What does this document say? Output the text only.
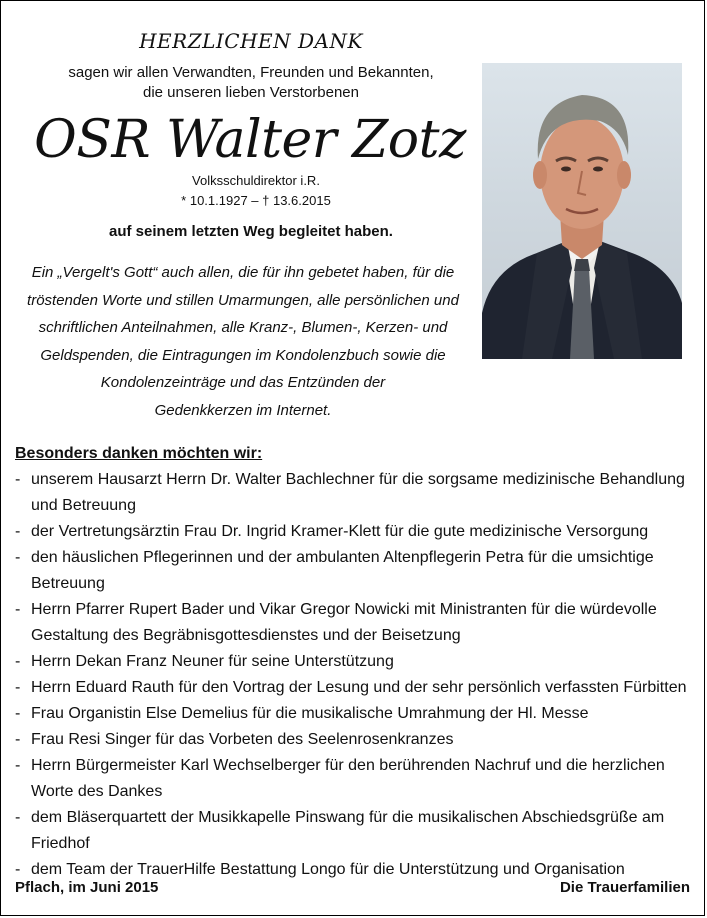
HERZLICHEN DANK
sagen wir allen Verwandten, Freunden und Bekannten,
die unseren lieben Verstorbenen
OSR Walter Zotz
Volksschuldirektor i.R.
* 10.1.1927 – † 13.6.2015
auf seinem letzten Weg begleitet haben.
Ein „Vergelt's Gott“ auch allen, die für ihn gebetet haben, für die
tröstenden Worte und stillen Umarmungen, alle persönlichen und
schriftlichen Anteilnahmen, alle Kranz-, Blumen-, Kerzen- und
Geldspenden, die Eintragungen im Kondolenzbuch sowie die
Kondolenzeinträge und das Entzünden der
Gedenkkerzen im Internet.
Besonders danken möchten wir:
- unserem Hausarzt Herrn Dr. Walter Bachlechner für die sorgsame medizinische Behandlung und Betreuung
- der Vertretungsärztin Frau Dr. Ingrid Kramer-Klett für die gute medizinische Versorgung
- den häuslichen Pflegerinnen und der ambulanten Altenpflegerin Petra für die umsichtige Betreuung
- Herrn Pfarrer Rupert Bader und Vikar Gregor Nowicki mit Ministranten für die würdevolle Gestaltung des Begräbnisgottesdienstes und der Beisetzung
- Herrn Dekan Franz Neuner für seine Unterstützung
- Herrn Eduard Rauth für den Vortrag der Lesung und der sehr persönlich verfassten Fürbitten
- Frau Organistin Else Demelius für die musikalische Umrahmung der Hl. Messe
- Frau Resi Singer für das Vorbeten des Seelenrosenkranzes
- Herrn Bürgermeister Karl Wechselberger für den berührenden Nachruf und die herzlichen Worte des Dankes
- dem Bläserquartett der Musikkapelle Pinswang für die musikalischen Abschiedsgrüße am Friedhof
- dem Team der TrauerHilfe Bestattung Longo für die Unterstützung und Organisation
Pflach, im Juni 2015	Die Trauerfamilien
